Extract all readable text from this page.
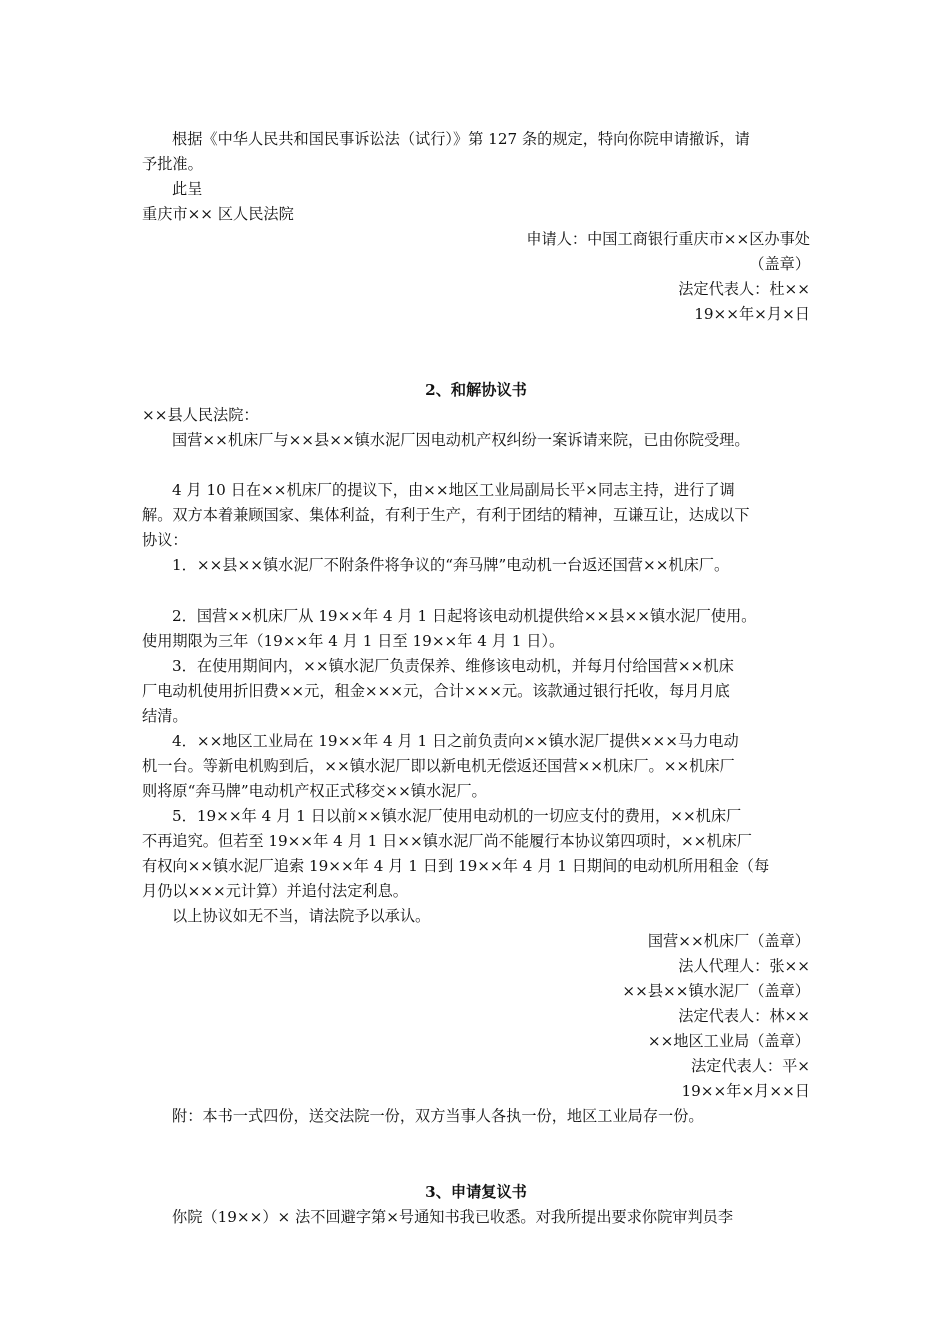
根据《中华人民共和国民事诉讼法（试行）》第 127 条的规定，特向你院申请撤诉，请
予批准。
此呈
重庆市×× 区人民法院
申请人：中国工商银行重庆市××区办事处
（盖章）
法定代表人：杜××
19××年×月×日
2、和解协议书
××县人民法院：
国营××机床厂与××县××镇水泥厂因电动机产权纠纷一案诉请来院，已由你院受理。
4 月 10 日在××机床厂的提议下，由××地区工业局副局长平×同志主持，进行了调
解。双方本着兼顾国家、集体利益，有利于生产，有利于团结的精神，互谦互让，达成以下
协议：
1．××县××镇水泥厂不附条件将争议的“奔马牌”电动机一台返还国营××机床厂。
2．国营××机床厂从 19××年 4 月 1 日起将该电动机提供给××县××镇水泥厂使用。
使用期限为三年（19××年 4 月 1 日至 19××年 4 月 1 日）。
3．在使用期间内，××镇水泥厂负责保养、维修该电动机，并每月付给国营××机床
厂电动机使用折旧费××元，租金×××元，合计×××元。该款通过银行托收，每月月底
结清。
4．××地区工业局在 19××年 4 月 1 日之前负责向××镇水泥厂提供×××马力电动
机一台。等新电机购到后，××镇水泥厂即以新电机无偿返还国营××机床厂。××机床厂
则将原“奔马牌”电动机产权正式移交××镇水泥厂。
5．19××年 4 月 1 日以前××镇水泥厂使用电动机的一切应支付的费用，××机床厂
不再追究。但若至 19××年 4 月 1 日××镇水泥厂尚不能履行本协议第四项时，××机床厂
有权向××镇水泥厂追索 19××年 4 月 1 日到 19××年 4 月 1 日期间的电动机所用租金（每
月仍以×××元计算）并追付法定利息。
以上协议如无不当，请法院予以承认。
国营××机床厂（盖章）
法人代理人：张××
××县××镇水泥厂（盖章）
法定代表人：林××
××地区工业局（盖章）
法定代表人：平×
19××年×月××日
附：本书一式四份，送交法院一份，双方当事人各执一份，地区工业局存一份。
3、申请复议书
你院（19××）× 法不回避字第×号通知书我已收悉。对我所提出要求你院审判员李
